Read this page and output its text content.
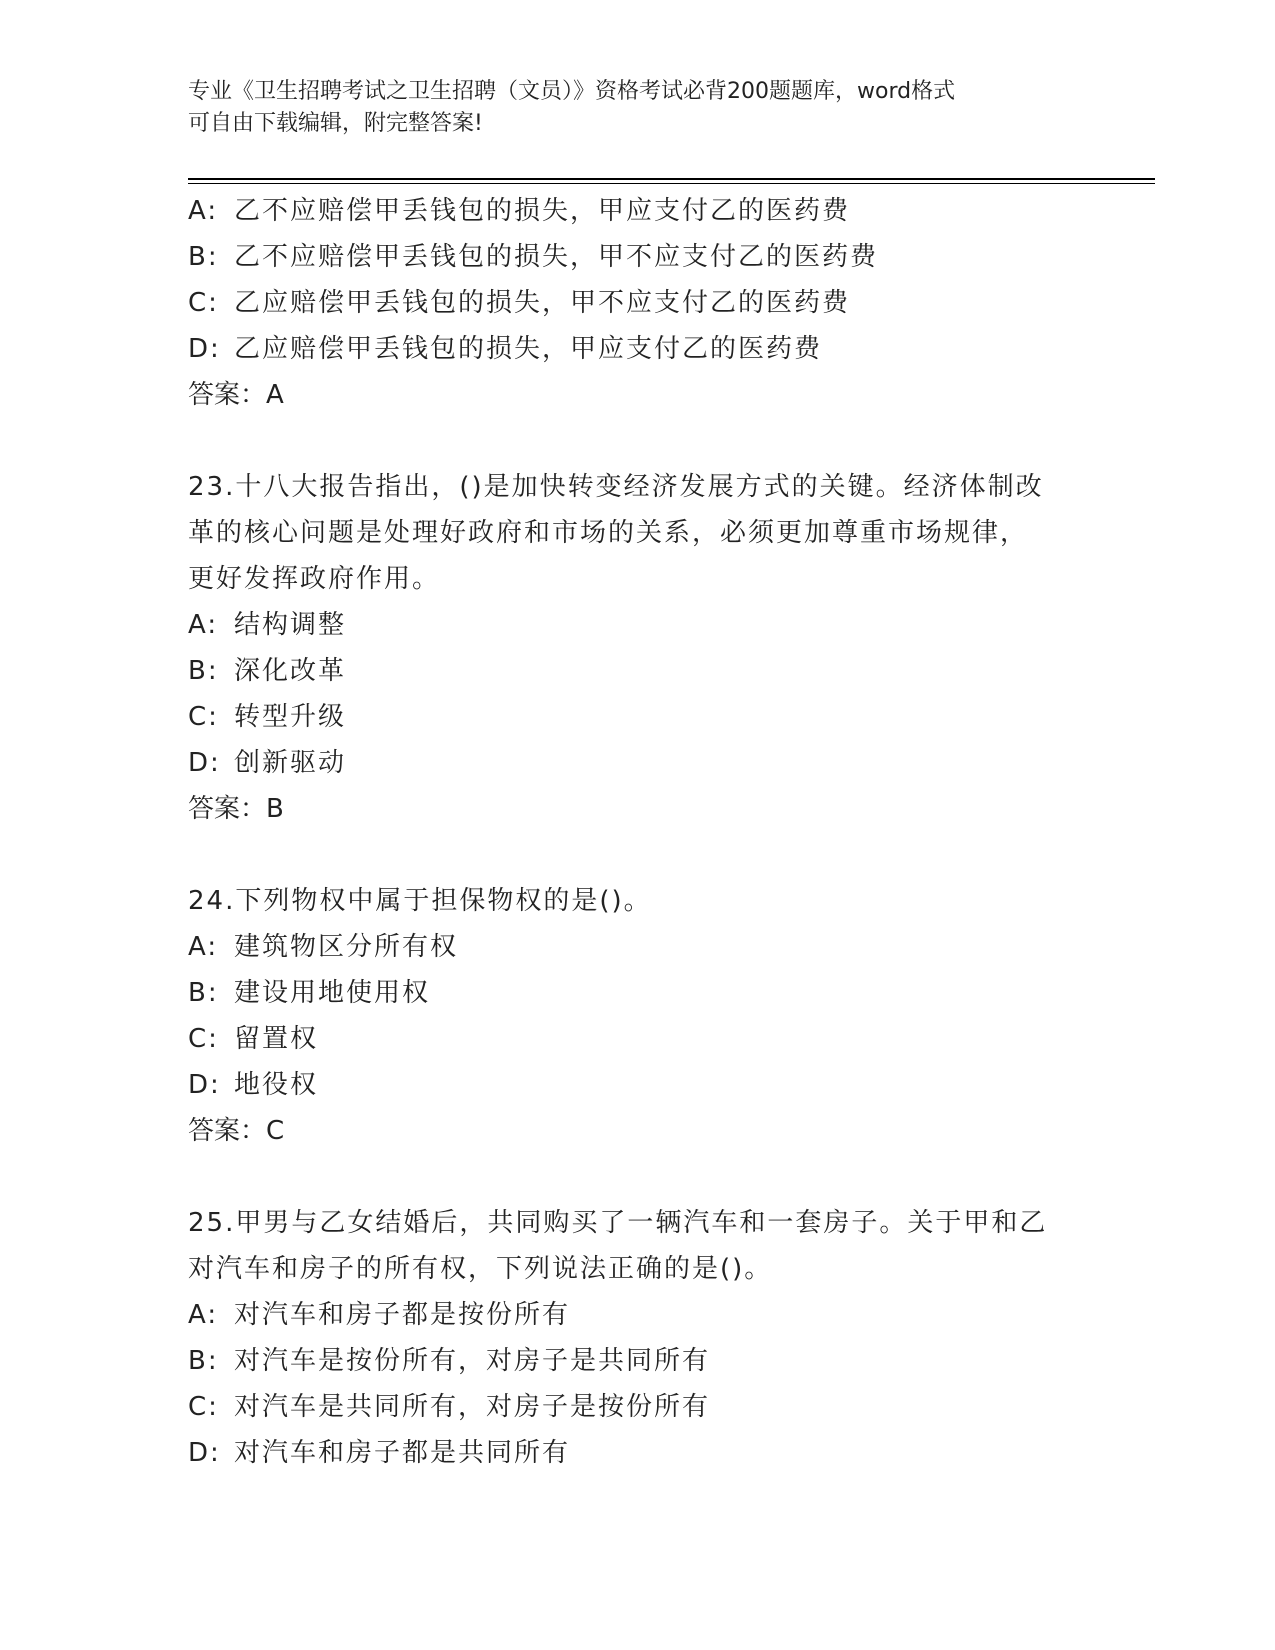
专业《卫生招聘考试之卫生招聘（文员）》资格考试必背200题题库，word格式
可自由下载编辑，附完整答案!
A: 乙不应赔偿甲丢钱包的损失，甲应支付乙的医药费
B: 乙不应赔偿甲丢钱包的损失，甲不应支付乙的医药费
C: 乙应赔偿甲丢钱包的损失，甲不应支付乙的医药费
D: 乙应赔偿甲丢钱包的损失，甲应支付乙的医药费
答案：A
23.十八大报告指出，()是加快转变经济发展方式的关键。经济体制改
革的核心问题是处理好政府和市场的关系，必须更加尊重市场规律，
更好发挥政府作用。
A: 结构调整
B: 深化改革
C: 转型升级
D: 创新驱动
答案：B
24.下列物权中属于担保物权的是()。
A: 建筑物区分所有权
B: 建设用地使用权
C: 留置权
D: 地役权
答案：C
25.甲男与乙女结婚后，共同购买了一辆汽车和一套房子。关于甲和乙
对汽车和房子的所有权，下列说法正确的是()。
A: 对汽车和房子都是按份所有
B: 对汽车是按份所有，对房子是共同所有
C: 对汽车是共同所有，对房子是按份所有
D: 对汽车和房子都是共同所有
